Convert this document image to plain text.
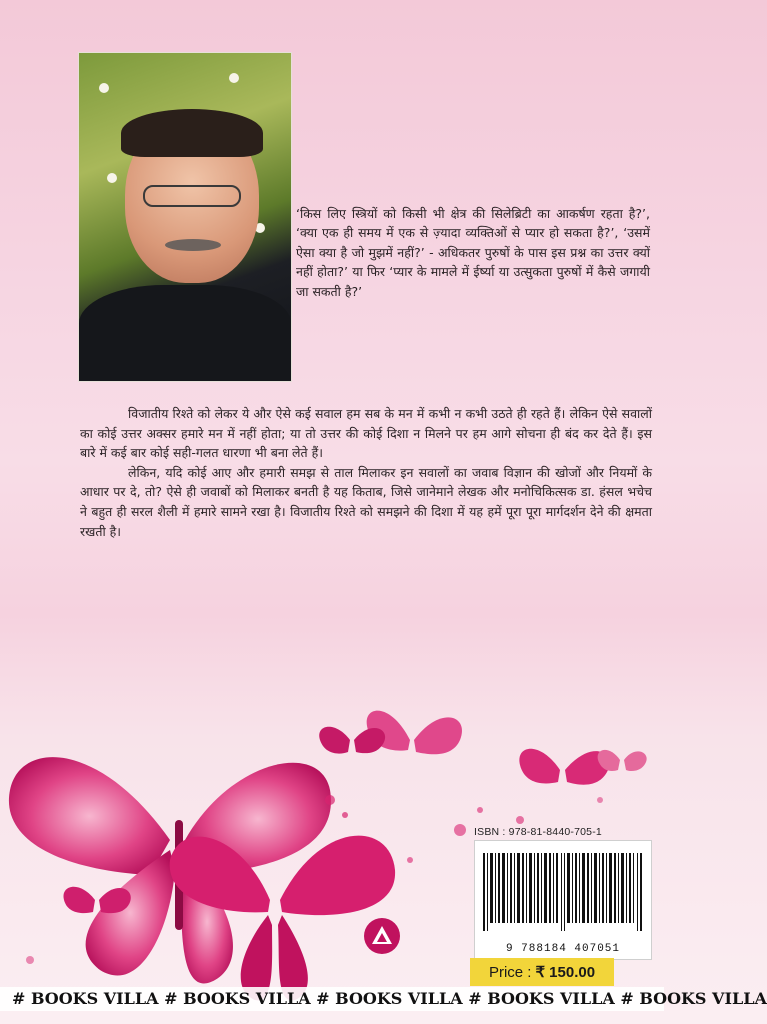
‘किस लिए स्त्रियों को किसी भी क्षेत्र की सिलेब्रिटी का आकर्षण रहता है?’, ‘क्या एक ही समय में एक से ज़्यादा व्यक्तिओं से प्यार हो सकता है?’, ‘उसमें ऐसा क्या है जो मुझमें नहीं?’ - अधिकतर पुरुषों के पास इस प्रश्न का उत्तर क्यों नहीं होता?’ या फिर ‘प्यार के मामले में ईर्ष्या या उत्सुकता पुरुषों में कैसे जगायी जा सकती है?’

विजातीय रिश्ते को लेकर ये और ऐसे कई सवाल हम सब के मन में कभी न कभी उठते ही रहते हैं। लेकिन ऐसे सवालों का कोई उत्तर अक्सर हमारे मन में नहीं होता; या तो उत्तर की कोई दिशा न मिलने पर हम आगे सोचना ही बंद कर देते हैं। इस बारे में कई बार कोई सही-गलत धारणा भी बना लेते हैं।

लेकिन, यदि कोई आए और हमारी समझ से ताल मिलाकर इन सवालों का जवाब विज्ञान की खोजों और नियमों के आधार पर दे, तो? ऐसे ही जवाबों को मिलाकर बनती है यह किताब, जिसे जानेमाने लेखक और मनोचिकित्सक डा. हंसल भचेच ने बहुत ही सरल शैली में हमारे सामने रखा है। विजातीय रिश्ते को समझने की दिशा में यह हमें पूरा पूरा मार्गदर्शन देने की क्षमता रखती है।

ISBN : 978-81-8440-705-1
9 788184 407051
Price : ₹ 150.00
# BOOKS VILLA # BOOKS VILLA # BOOKS VILLA # BOOKS VILLA # BOOKS VILLA
